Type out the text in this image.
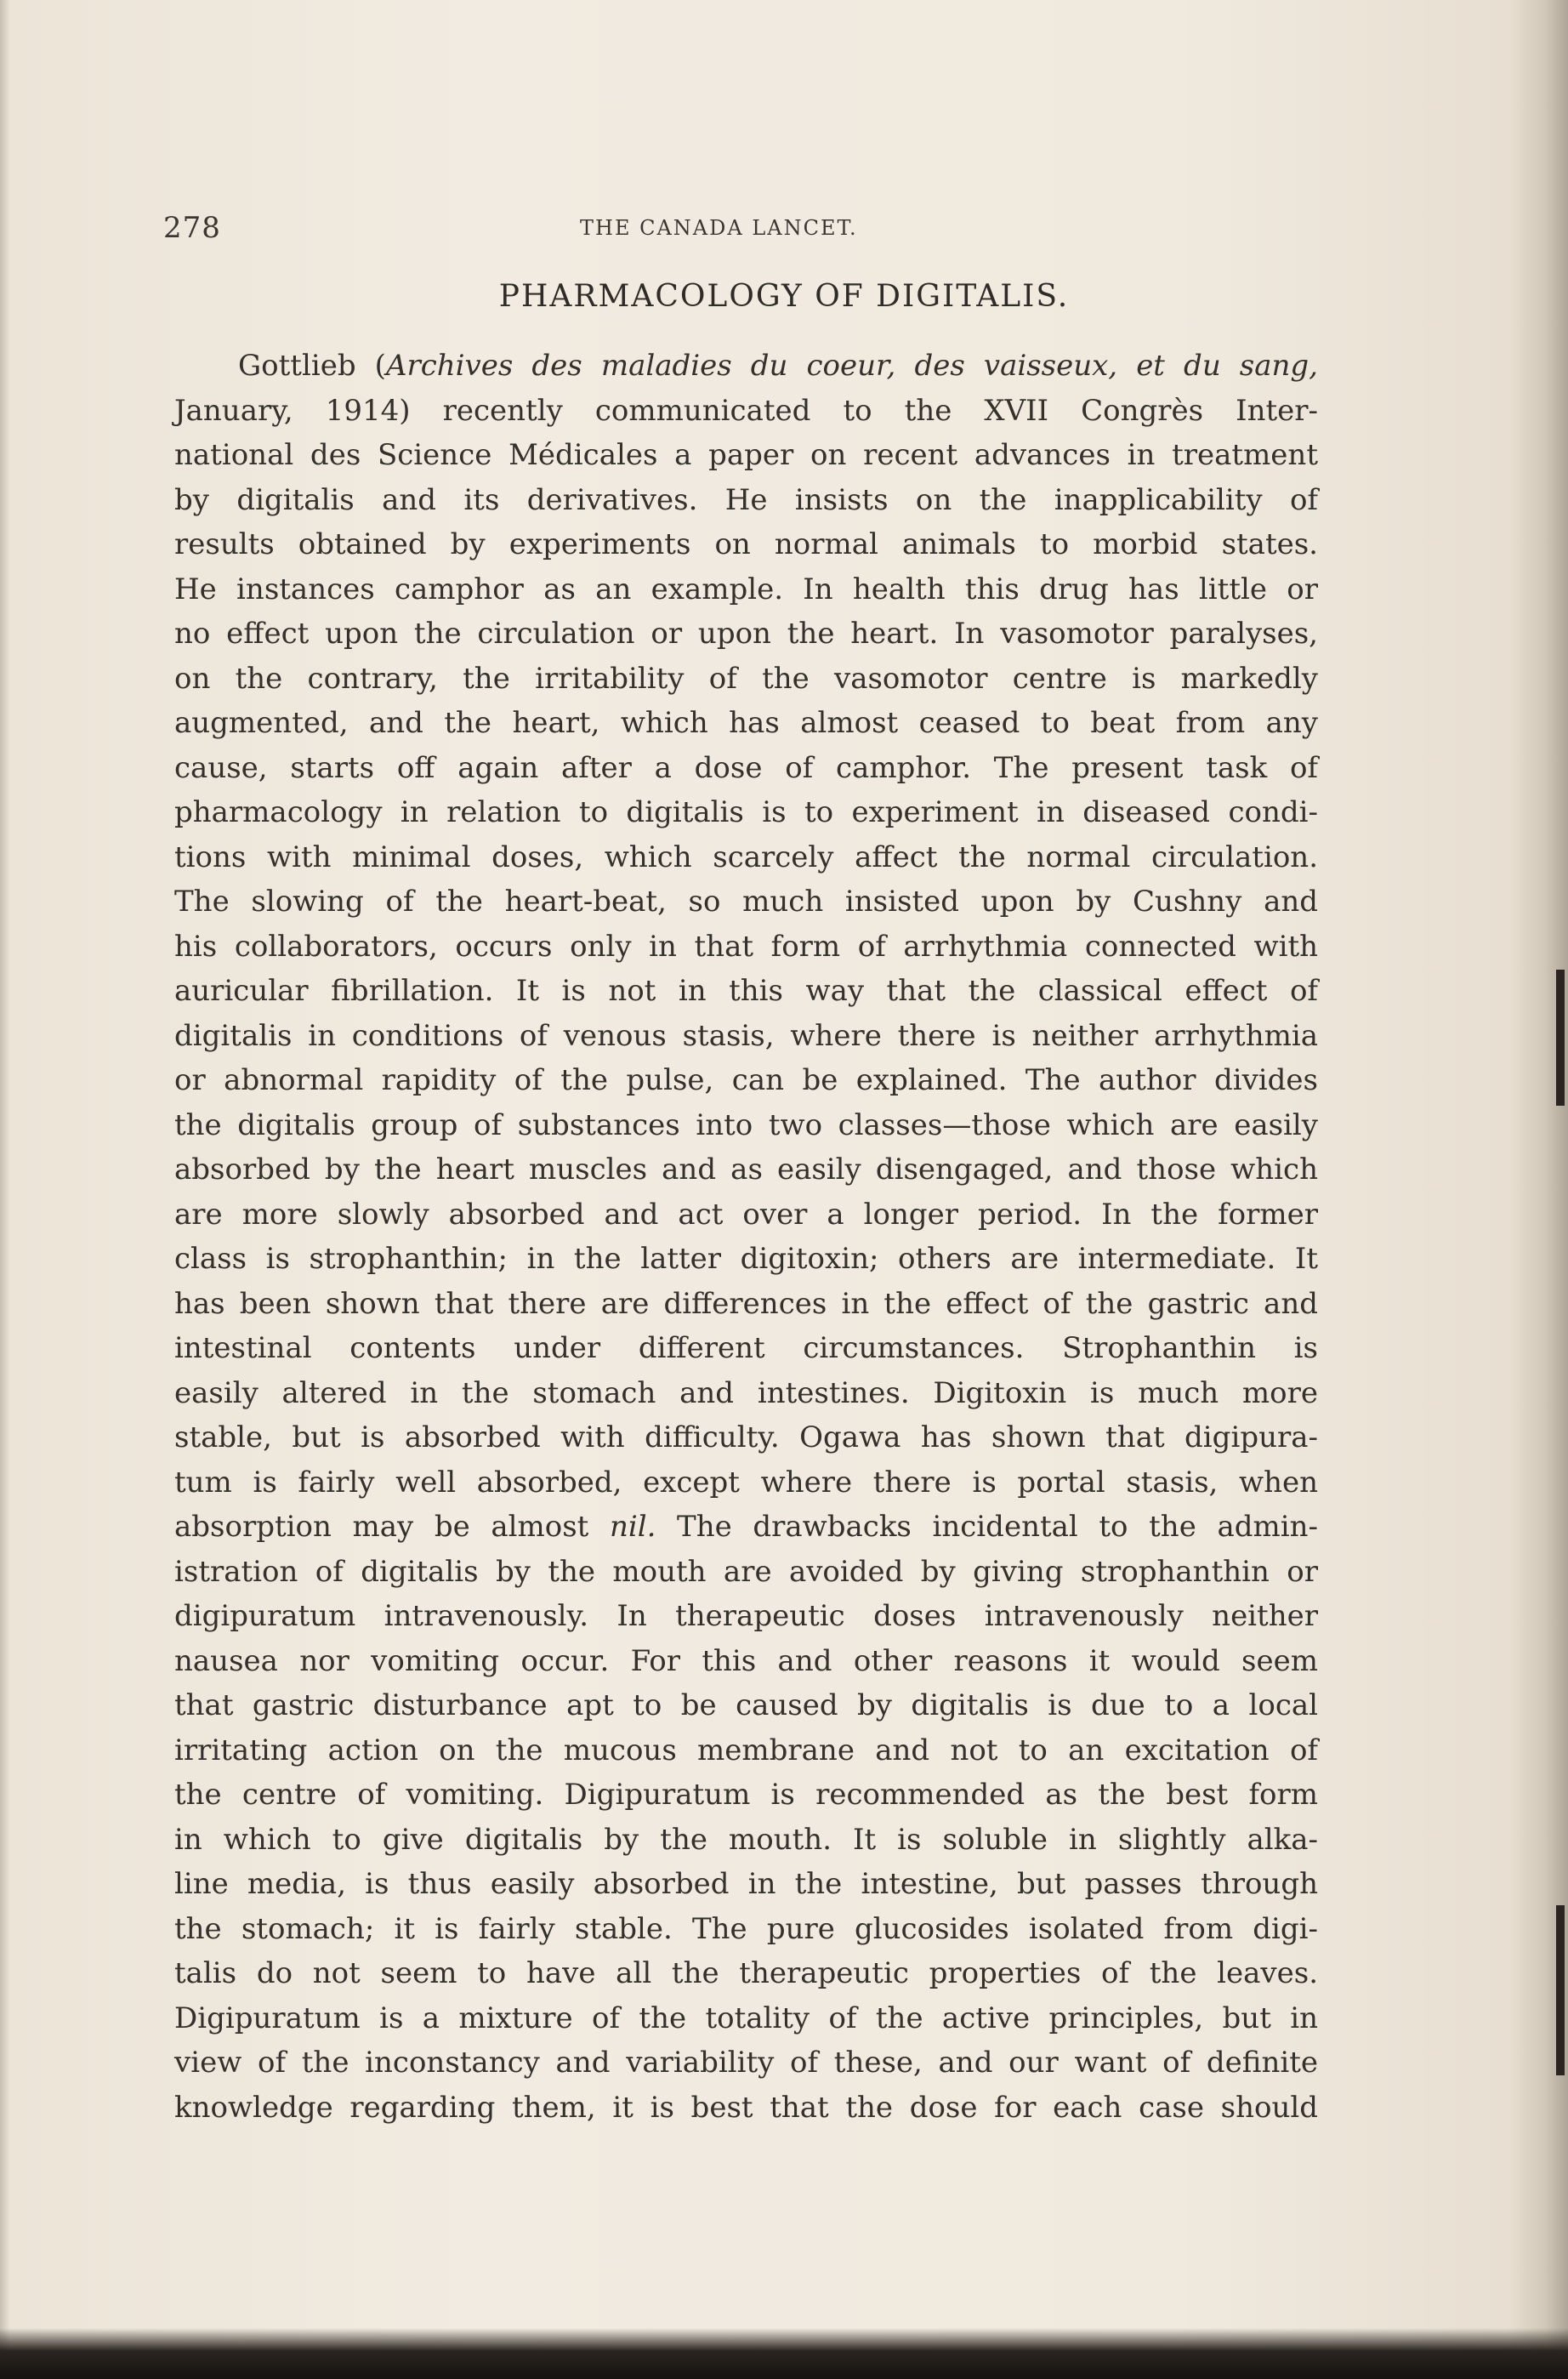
278	THE CANADA LANCET.
PHARMACOLOGY OF DIGITALIS.
Gottlieb (Archives des maladies du coeur, des vaisseux, et du sang,
January, 1914) recently communicated to the XVII Congrès Inter-
national des Science Médicales a paper on recent advances in treatment
by digitalis and its derivatives. He insists on the inapplicability of
results obtained by experiments on normal animals to morbid states.
He instances camphor as an example. In health this drug has little or
no effect upon the circulation or upon the heart. In vasomotor paralyses,
on the contrary, the irritability of the vasomotor centre is markedly
augmented, and the heart, which has almost ceased to beat from any
cause, starts off again after a dose of camphor. The present task of
pharmacology in relation to digitalis is to experiment in diseased condi-
tions with minimal doses, which scarcely affect the normal circulation.
The slowing of the heart-beat, so much insisted upon by Cushny and
his collaborators, occurs only in that form of arrhythmia connected with
auricular fibrillation. It is not in this way that the classical effect of
digitalis in conditions of venous stasis, where there is neither arrhythmia
or abnormal rapidity of the pulse, can be explained. The author divides
the digitalis group of substances into two classes—those which are easily
absorbed by the heart muscles and as easily disengaged, and those which
are more slowly absorbed and act over a longer period. In the former
class is strophanthin; in the latter digitoxin; others are intermediate. It
has been shown that there are differences in the effect of the gastric and
intestinal contents under different circumstances. Strophanthin is
easily altered in the stomach and intestines. Digitoxin is much more
stable, but is absorbed with difficulty. Ogawa has shown that digipura-
tum is fairly well absorbed, except where there is portal stasis, when
absorption may be almost nil. The drawbacks incidental to the admin-
istration of digitalis by the mouth are avoided by giving strophanthin or
digipuratum intravenously. In therapeutic doses intravenously neither
nausea nor vomiting occur. For this and other reasons it would seem
that gastric disturbance apt to be caused by digitalis is due to a local
irritating action on the mucous membrane and not to an excitation of
the centre of vomiting. Digipuratum is recommended as the best form
in which to give digitalis by the mouth. It is soluble in slightly alka-
line media, is thus easily absorbed in the intestine, but passes through
the stomach; it is fairly stable. The pure glucosides isolated from digi-
talis do not seem to have all the therapeutic properties of the leaves.
Digipuratum is a mixture of the totality of the active principles, but in
view of the inconstancy and variability of these, and our want of definite
knowledge regarding them, it is best that the dose for each case should
